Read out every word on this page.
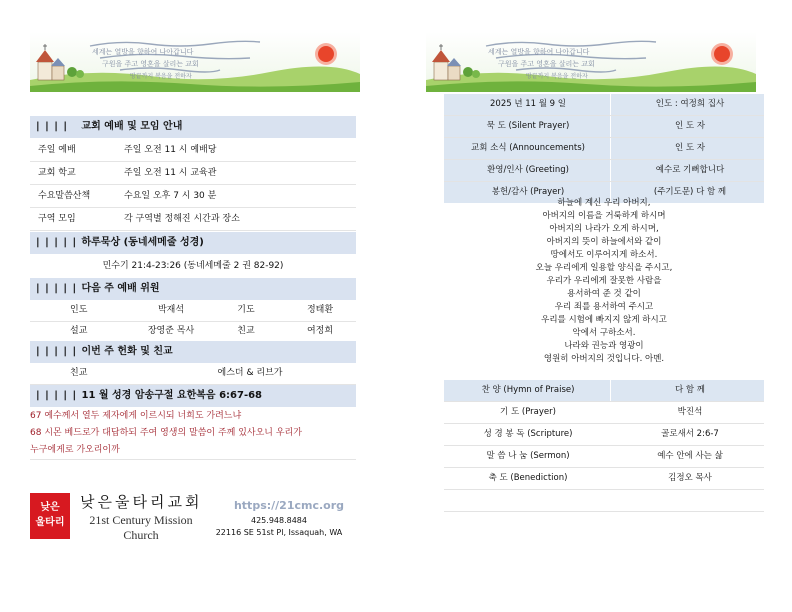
세계는 열방을 향하여 나아갑니다
구원을 주고 영혼을 살리는 교회
땅끝까지 복음을 전하자
세계는 열방을 향하여 나아갑니다
구원을 주고 영혼을 살리는 교회
땅끝까지 복음을 전하자
| | | | 교회 예배 및 모임 안내
주일 예배	주일 오전 11 시 예배당
교회 학교	주일 오전 11 시 교육관
수요말씀산책	수요일 오후 7 시 30 분
구역 모임	각 구역별 정해진 시간과 장소
| | | | | 하루묵상 (동네세메줄 성경)
민수기 21:4-23:26 (동네세메줄 2 권 82-92)
| | | | | 다음 주 예배 위원
인도	박재석	기도	정태환
설교	장영준 목사	친교	여정희
| | | | | 이번 주 헌화 및 친교
친교	에스더 & 리브가
| | | | | 11 월 성경 암송구절 요한복음 6:67-68
67 예수께서 열두 제자에게 이르시되 너희도 가려느냐
68 시몬 베드로가 대답하되 주여 영생의 말씀이 주께 있사오니 우리가
누구에게로 가오리이까
낮은
울타리
낮은울타리교회
21st Century Mission
Church
https://21cmc.org
425.948.8484
22116 SE 51st Pl, Issaquah, WA
2025 년 11 월 9 일	인도 : 여정희 집사
묵 도 (Silent Prayer)	인 도 자
교회 소식 (Announcements)	인 도 자
환영/인사 (Greeting)	예수로 기뻐합니다
봉헌/감사 (Prayer)	(주기도문) 다 함 께
하늘에 계신 우리 아버지,
아버지의 이름을 거룩하게 하시며
아버지의 나라가 오게 하시며,
아버지의 뜻이 하늘에서와 같이
땅에서도 이루어지게 하소서.
오늘 우리에게 일용할 양식을 주시고,
우리가 우리에게 잘못한 사람을
용서하여 준 것 같이
우리 죄를 용서하여 주시고
우리를 시험에 빠지지 않게 하시고
악에서 구하소서.
나라와 권능과 영광이
영원히 아버지의 것입니다. 아멘.
찬 양 (Hymn of Praise)	다 함 께
기 도 (Prayer)	박진석
성 경 봉 독 (Scripture)	골로새서 2:6-7
말 씀 나 눔 (Sermon)	예수 안에 사는 삶
축 도 (Benediction)	김정오 목사
